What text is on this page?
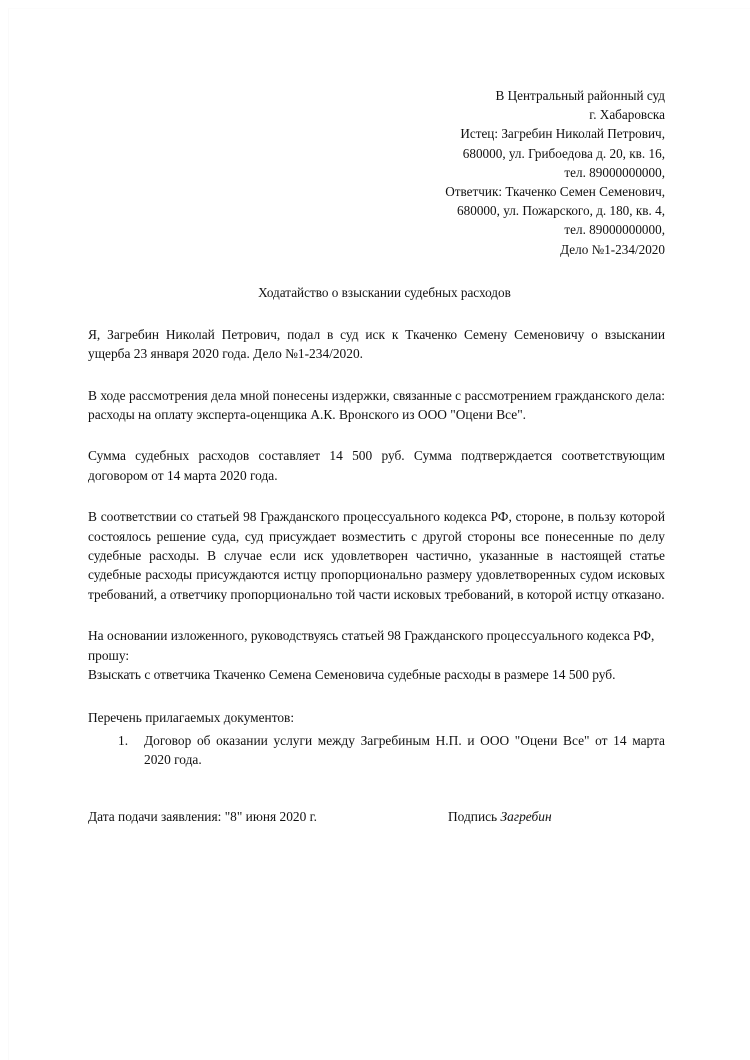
В Центральный районный суд
г. Хабаровска
Истец: Загребин Николай Петрович,
680000, ул. Грибоедова д. 20, кв. 16,
тел. 89000000000,
Ответчик: Ткаченко Семен Семенович,
680000, ул. Пожарского, д. 180, кв. 4,
тел. 89000000000,
Дело №1-234/2020
Ходатайство о взыскании судебных расходов

Я, Загребин Николай Петрович, подал в суд иск к Ткаченко Семену Семеновичу о взыскании ущерба 23 января 2020 года. Дело №1-234/2020.

В ходе рассмотрения дела мной понесены издержки, связанные с рассмотрением гражданского дела: расходы на оплату эксперта-оценщика А.К. Вронского из ООО "Оцени Все".

Сумма судебных расходов составляет 14 500 руб. Сумма подтверждается соответствующим договором от 14 марта 2020 года.

В соответствии со статьей 98 Гражданского процессуального кодекса РФ, стороне, в пользу которой состоялось решение суда, суд присуждает возместить с другой стороны все понесенные по делу судебные расходы. В случае если иск удовлетворен частично, указанные в настоящей статье судебные расходы присуждаются истцу пропорционально размеру удовлетворенных судом исковых требований, а ответчику пропорционально той части исковых требований, в которой истцу отказано.

На основании изложенного, руководствуясь статьей 98 Гражданского процессуального кодекса РФ,

прошу:

Взыскать с ответчика Ткаченко Семена Семеновича судебные расходы в размере 14 500 руб.

Перечень прилагаемых документов:
1. Договор об оказании услуги между Загребиным Н.П. и ООО "Оцени Все" от 14 марта 2020 года.
Дата подачи заявления: "8" июня 2020 г.	Подпись Загребин
